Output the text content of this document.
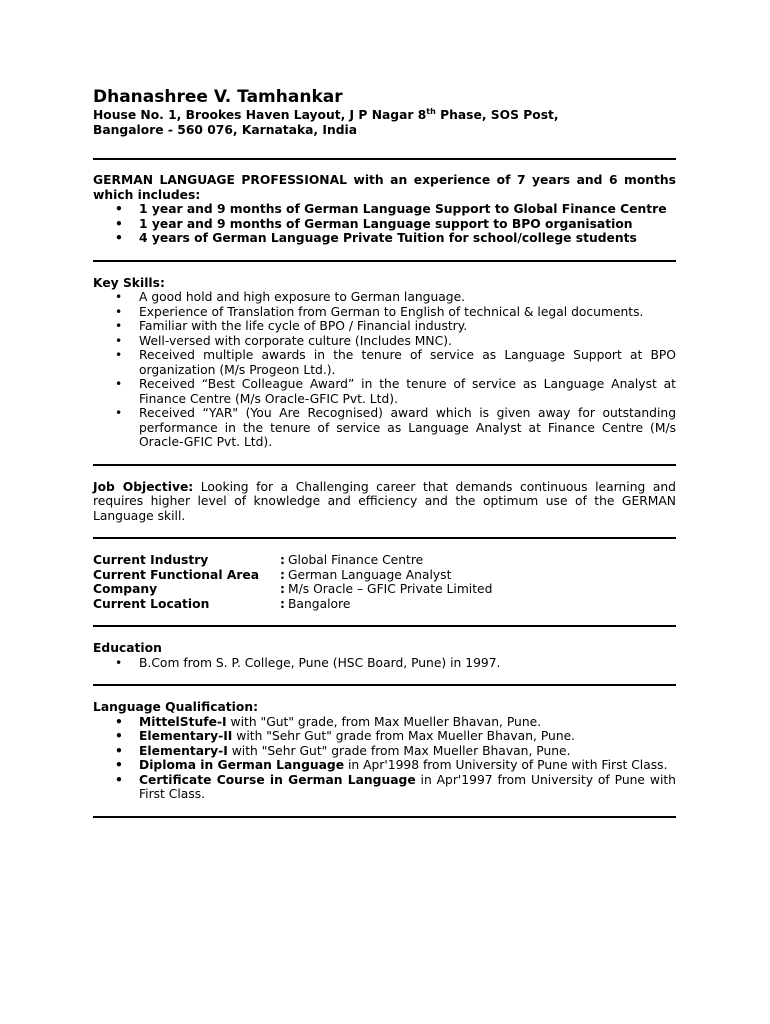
Dhanashree V. Tamhankar
House No. 1, Brookes Haven Layout, J P Nagar 8th Phase, SOS Post,
Bangalore - 560 076, Karnataka, India
GERMAN LANGUAGE PROFESSIONAL with an experience of 7 years and 6 months which includes:
• 1 year and 9 months of German Language Support to Global Finance Centre
• 1 year and 9 months of German Language support to BPO organisation
• 4 years of German Language Private Tuition for school/college students
Key Skills:
• A good hold and high exposure to German language.
• Experience of Translation from German to English of technical & legal documents.
• Familiar with the life cycle of BPO / Financial industry.
• Well-versed with corporate culture (Includes MNC).
• Received multiple awards in the tenure of service as Language Support at BPO organization (M/s Progeon Ltd.).
• Received “Best Colleague Award” in the tenure of service as Language Analyst at Finance Centre (M/s Oracle-GFIC Pvt. Ltd).
• Received “YAR" (You Are Recognised) award which is given away for outstanding performance in the tenure of service as Language Analyst at Finance Centre (M/s Oracle-GFIC Pvt. Ltd).
Job Objective: Looking for a Challenging career that demands continuous learning and requires higher level of knowledge and efficiency and the optimum use of the GERMAN Language skill.
Current Industry	: Global Finance Centre
Current Functional Area	: German Language Analyst
Company	: M/s Oracle – GFIC Private Limited
Current Location	: Bangalore
Education
• B.Com from S. P. College, Pune (HSC Board, Pune) in 1997.
Language Qualification:
• MittelStufe-I with "Gut" grade, from Max Mueller Bhavan, Pune.
• Elementary-II with "Sehr Gut" grade from Max Mueller Bhavan, Pune.
• Elementary-I with "Sehr Gut" grade from Max Mueller Bhavan, Pune.
• Diploma in German Language in Apr'1998 from University of Pune with First Class.
• Certificate Course in German Language in Apr'1997 from University of Pune with First Class.
